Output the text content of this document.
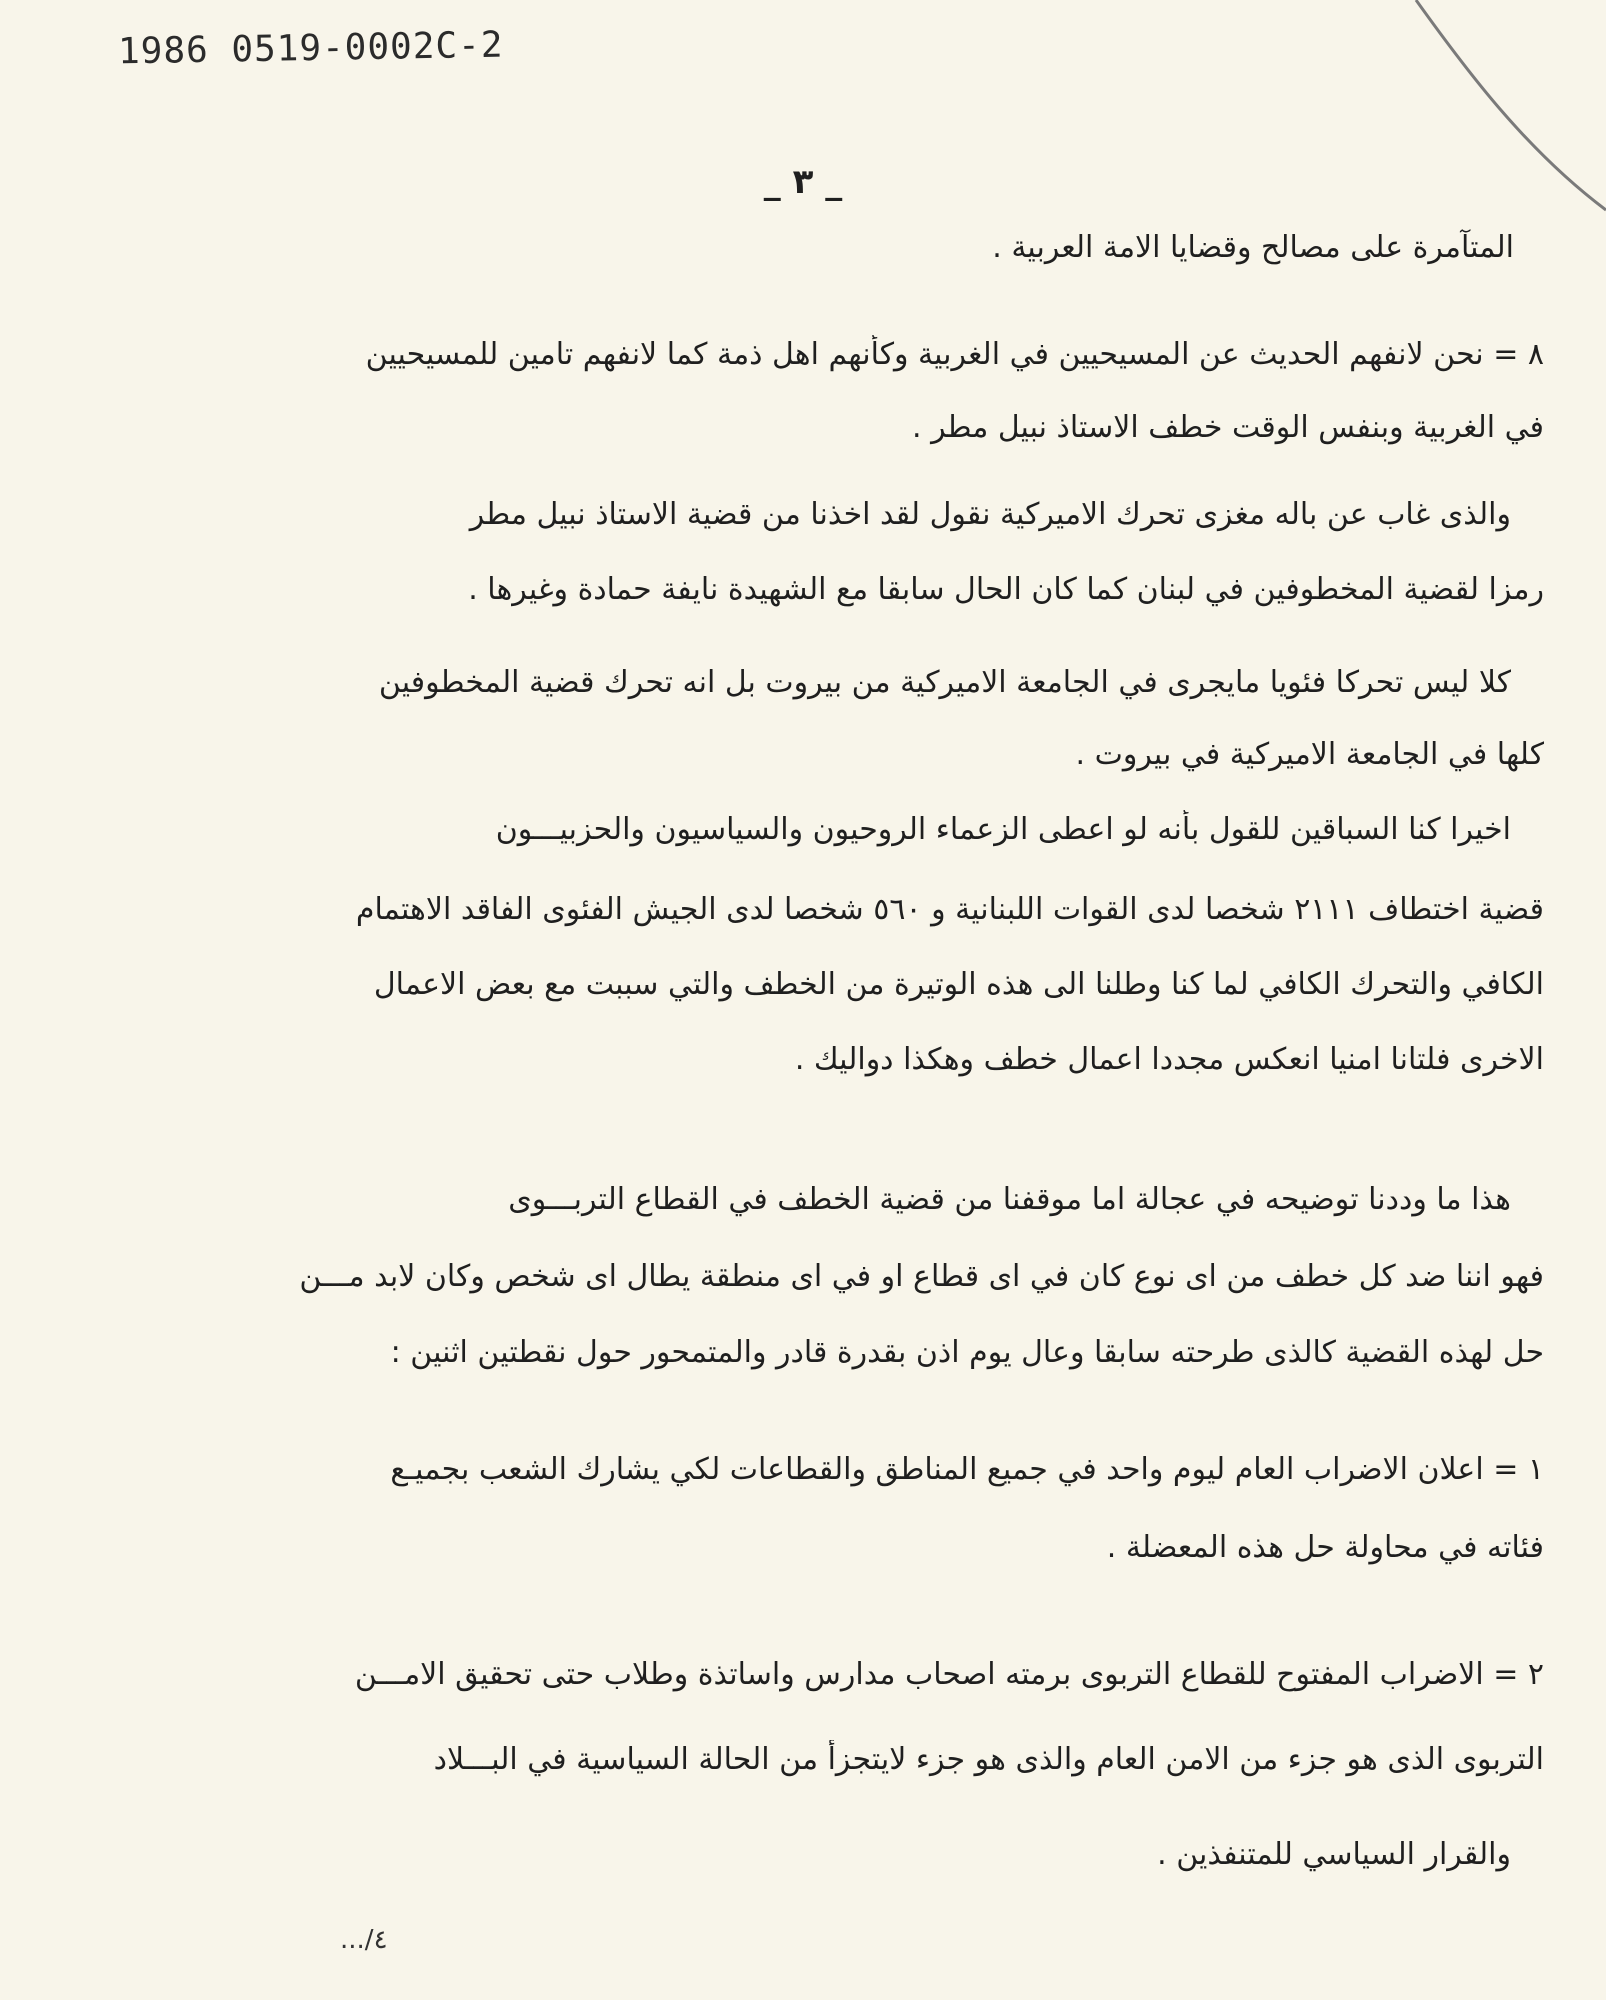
1986 0519-0002C-2
_ ٣ _
المتآمرة على مصالح وقضايا الامة العربية .
٨ = نحن لانفهم الحديث عن المسيحيين في الغربية وكأنهم اهل ذمة كما لانفهم تامين للمسيحيين
في الغربية وبنفس الوقت خطف الاستاذ نبيل مطر .
والذى غاب عن باله مغزى تحرك الاميركية نقول لقد اخذنا من قضية الاستاذ نبيل مطر
رمزا لقضية المخطوفين في لبنان كما كان الحال سابقا مع الشهيدة نايفة حمادة وغيرها .
كلا ليس تحركا فئويا مايجرى في الجامعة الاميركية من بيروت بل انه تحرك قضية المخطوفين
كلها في الجامعة الاميركية في بيروت .
اخيرا كنا السباقين للقول بأنه لو اعطى الزعماء الروحيون والسياسيون والحزبيـــون
قضية اختطاف ٢١١١ شخصا لدى القوات اللبنانية و ٥٦٠ شخصا لدى الجيش الفئوى الفاقد الاهتمام
الكافي والتحرك الكافي لما كنا وطلنا الى هذه الوتيرة من الخطف والتي سببت مع بعض الاعمال
الاخرى فلتانا امنيا انعكس مجددا اعمال خطف وهكذا دواليك .
هذا ما وددنا توضيحه في عجالة اما موقفنا من قضية الخطف في القطاع التربـــوى
فهو اننا ضد كل خطف من اى نوع كان في اى قطاع او في اى منطقة يطال اى شخص وكان لابد مـــن
حل لهذه القضية كالذى طرحته سابقا وعال يوم اذن بقدرة قادر والمتمحور حول نقطتين اثنين :
١ = اعلان الاضراب العام ليوم واحد في جميع المناطق والقطاعات لكي يشارك الشعب بجميـع
فئاته في محاولة حل هذه المعضلة .
٢ = الاضراب المفتوح للقطاع التربوى برمته اصحاب مدارس واساتذة وطلاب حتى تحقيق الامـــن
التربوى الذى هو جزء من الامن العام والذى هو جزء لايتجزأ من الحالة السياسية في البـــلاد
والقرار السياسي للمتنفذين .
٤/...
